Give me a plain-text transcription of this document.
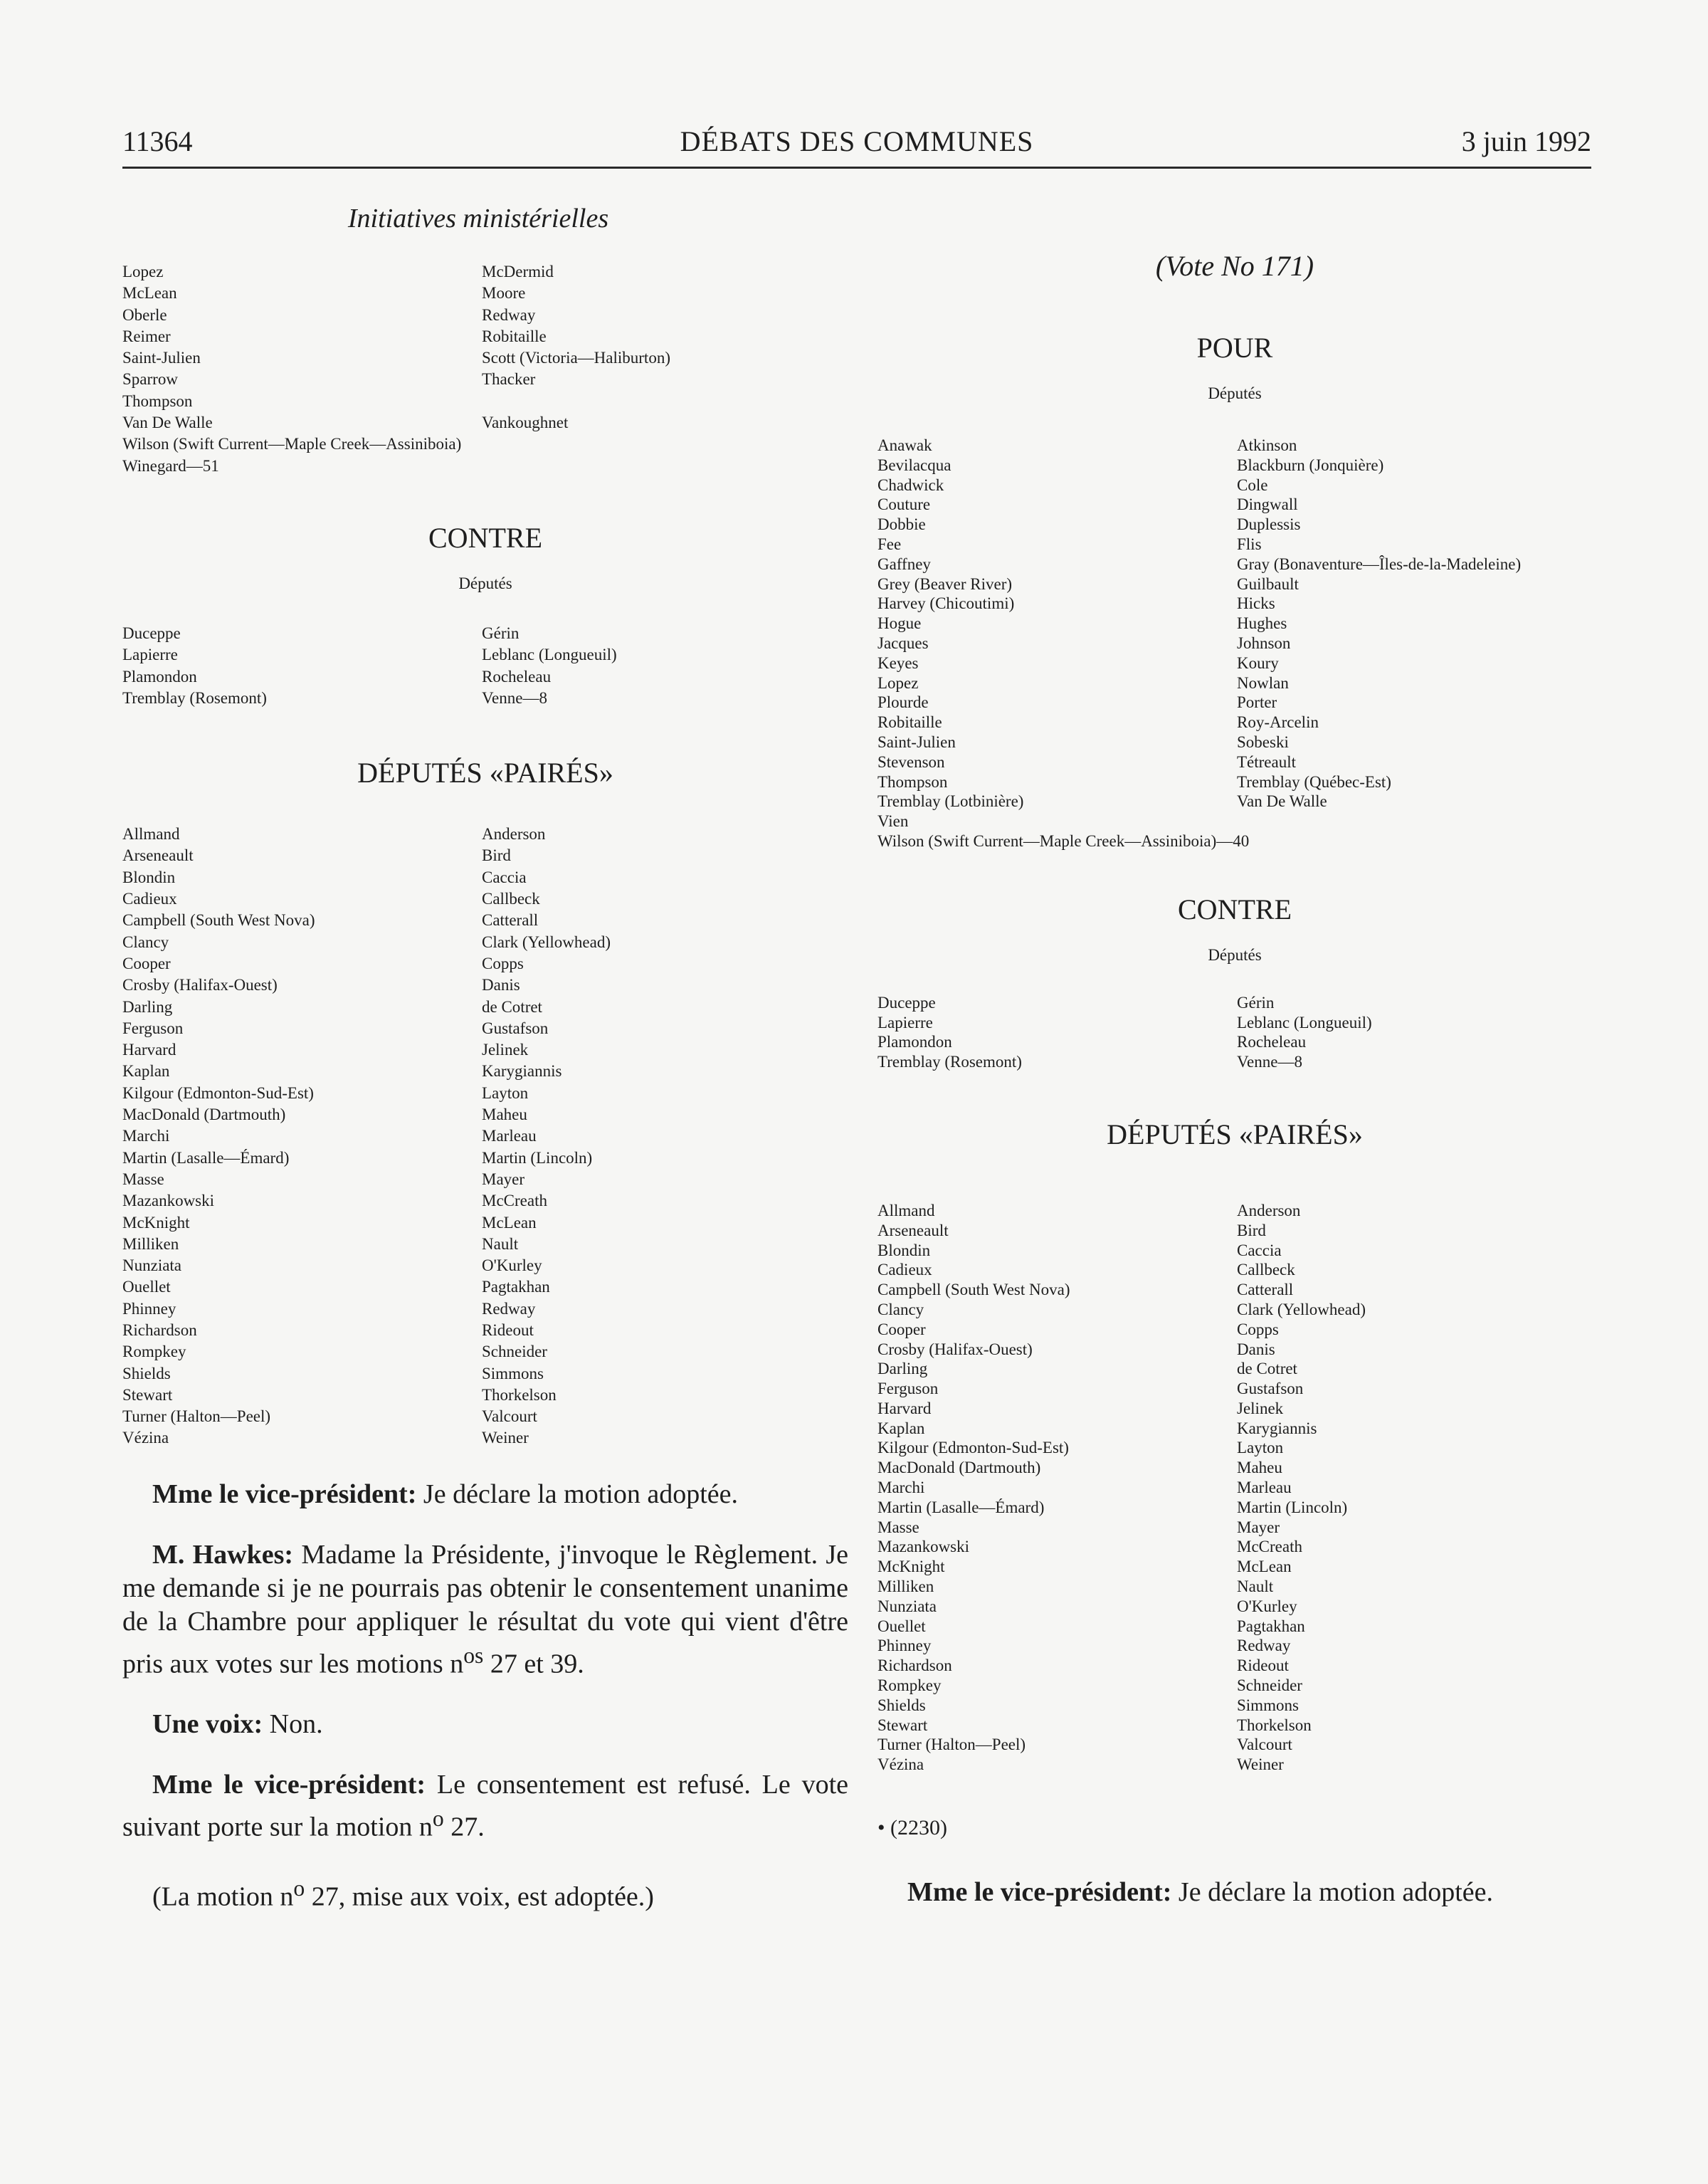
11364	DÉBATS DES COMMUNES	3 juin 1992
Initiatives ministérielles
Lopez
McLean
Oberle
Reimer
Saint-Julien
Sparrow
Thompson
Van De Walle
Wilson (Swift Current—Maple Creek—Assiniboia)
Winegard—51
McDermid
Moore
Redway
Robitaille
Scott (Victoria—Haliburton)
Thacker

Vankoughnet
CONTRE
Députés
Duceppe
Lapierre
Plamondon
Tremblay (Rosemont)
Gérin
Leblanc (Longueuil)
Rocheleau
Venne—8
DÉPUTÉS «PAIRÉS»
Allmand
Arseneault
Blondin
Cadieux
Campbell (South West Nova)
Clancy
Cooper
Crosby (Halifax-Ouest)
Darling
Ferguson
Harvard
Kaplan
Kilgour (Edmonton-Sud-Est)
MacDonald (Dartmouth)
Marchi
Martin (Lasalle—Émard)
Masse
Mazankowski
McKnight
Milliken
Nunziata
Ouellet
Phinney
Richardson
Rompkey
Shields
Stewart
Turner (Halton—Peel)
Vézina
Anderson
Bird
Caccia
Callbeck
Catterall
Clark (Yellowhead)
Copps
Danis
de Cotret
Gustafson
Jelinek
Karygiannis
Layton
Maheu
Marleau
Martin (Lincoln)
Mayer
McCreath
McLean
Nault
O'Kurley
Pagtakhan
Redway
Rideout
Schneider
Simmons
Thorkelson
Valcourt
Weiner

Mme le vice-président: Je déclare la motion adoptée.

M. Hawkes: Madame la Présidente, j'invoque le Règlement. Je me demande si je ne pourrais pas obtenir le consentement unanime de la Chambre pour appliquer le résultat du vote qui vient d'être pris aux votes sur les motions $n^{os}$ 27 et 39.

Une voix: Non.

Mme le vice-président: Le consentement est refusé. Le vote suivant porte sur la motion $n^o$ 27.

(La motion $n^o$ 27, mise aux voix, est adoptée.)

(Vote No 171)
POUR
Députés
Anawak
Bevilacqua
Chadwick
Couture
Dobbie
Fee
Gaffney
Grey (Beaver River)
Harvey (Chicoutimi)
Hogue
Jacques
Keyes
Lopez
Plourde
Robitaille
Saint-Julien
Stevenson
Thompson
Tremblay (Lotbinière)
Vien
Wilson (Swift Current—Maple Creek—Assiniboia)—40
Atkinson
Blackburn (Jonquière)
Cole
Dingwall
Duplessis
Flis
Gray (Bonaventure—Îles-de-la-Madeleine)
Guilbault
Hicks
Hughes
Johnson
Koury
Nowlan
Porter
Roy-Arcelin
Sobeski
Tétreault
Tremblay (Québec-Est)
Van De Walle
CONTRE
Députés
Duceppe
Lapierre
Plamondon
Tremblay (Rosemont)
Gérin
Leblanc (Longueuil)
Rocheleau
Venne—8
DÉPUTÉS «PAIRÉS»
Allmand
Arseneault
Blondin
Cadieux
Campbell (South West Nova)
Clancy
Cooper
Crosby (Halifax-Ouest)
Darling
Ferguson
Harvard
Kaplan
Kilgour (Edmonton-Sud-Est)
MacDonald (Dartmouth)
Marchi
Martin (Lasalle—Émard)
Masse
Mazankowski
McKnight
Milliken
Nunziata
Ouellet
Phinney
Richardson
Rompkey
Shields
Stewart
Turner (Halton—Peel)
Vézina
Anderson
Bird
Caccia
Callbeck
Catterall
Clark (Yellowhead)
Copps
Danis
de Cotret
Gustafson
Jelinek
Karygiannis
Layton
Maheu
Marleau
Martin (Lincoln)
Mayer
McCreath
McLean
Nault
O'Kurley
Pagtakhan
Redway
Rideout
Schneider
Simmons
Thorkelson
Valcourt
Weiner
• (2230)

Mme le vice-président: Je déclare la motion adoptée.
